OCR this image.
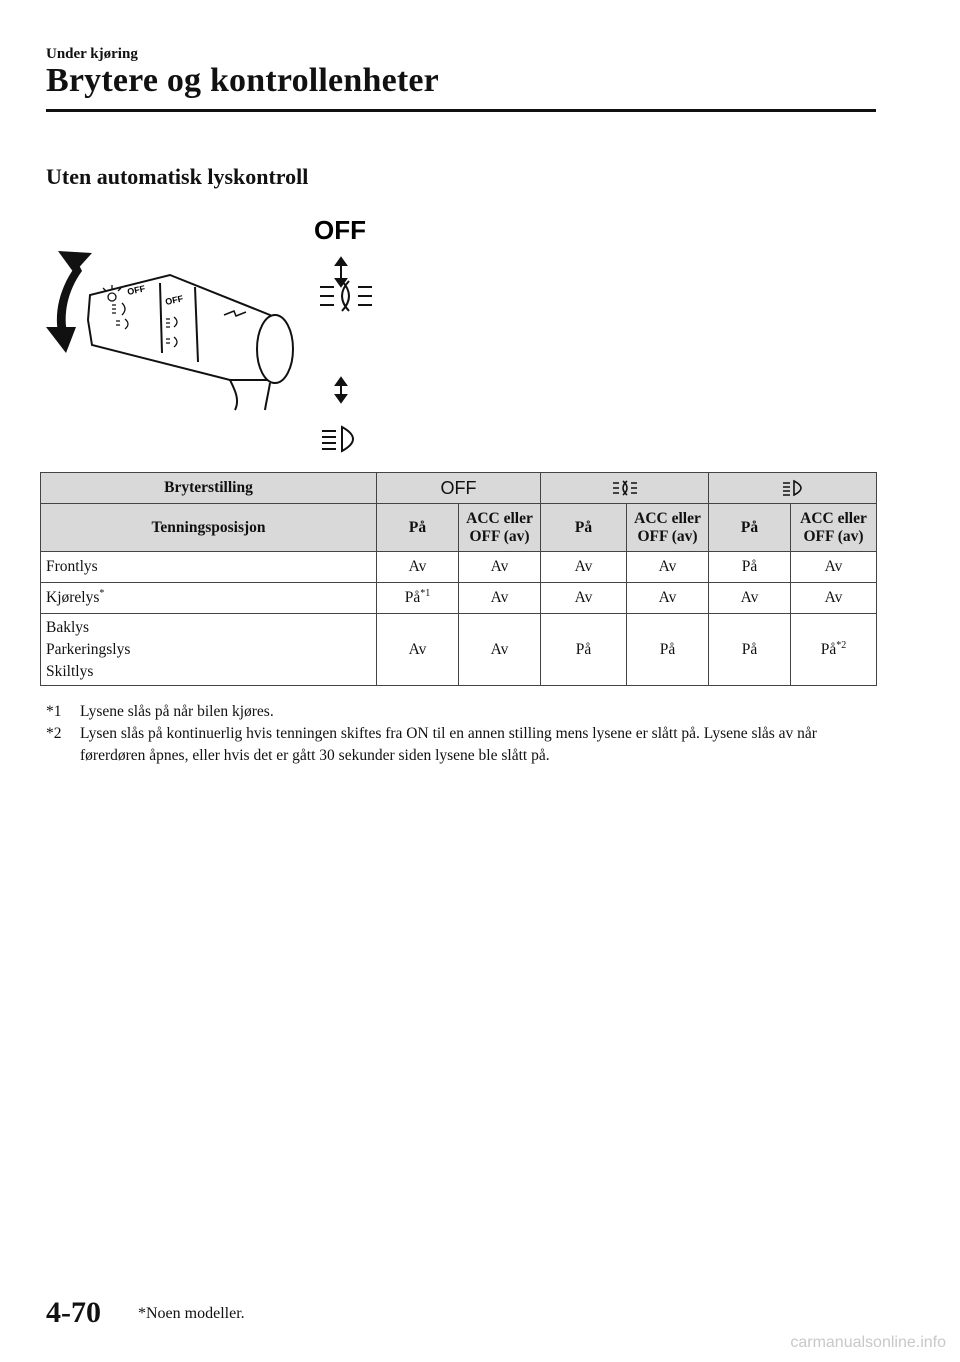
Under kjøring
Brytere og kontrollenheter
Uten automatisk lyskontroll
OFF
OFF
OFF
Bryterstilling	OFF		
Tenningsposisjon	På	ACC eller OFF (av)	På	ACC eller OFF (av)	På	ACC eller OFF (av)
Frontlys	Av	Av	Av	Av	På	Av
Kjørelys*	$På^{*1}$	Av	Av	Av	Av	Av

Baklys
Parkeringslys
Skiltlys	Av	Av	På	På	På	$På^{*2}$
*1 Lysene slås på når bilen kjøres.
*2 Lysen slås på kontinuerlig hvis tenningen skiftes fra ON til en annen stilling mens lysene er slått på. Lysene slås av når førerdøren åpnes, eller hvis det er gått 30 sekunder siden lysene ble slått på.
4-70 *Noen modeller.
carmanualsonline.info
